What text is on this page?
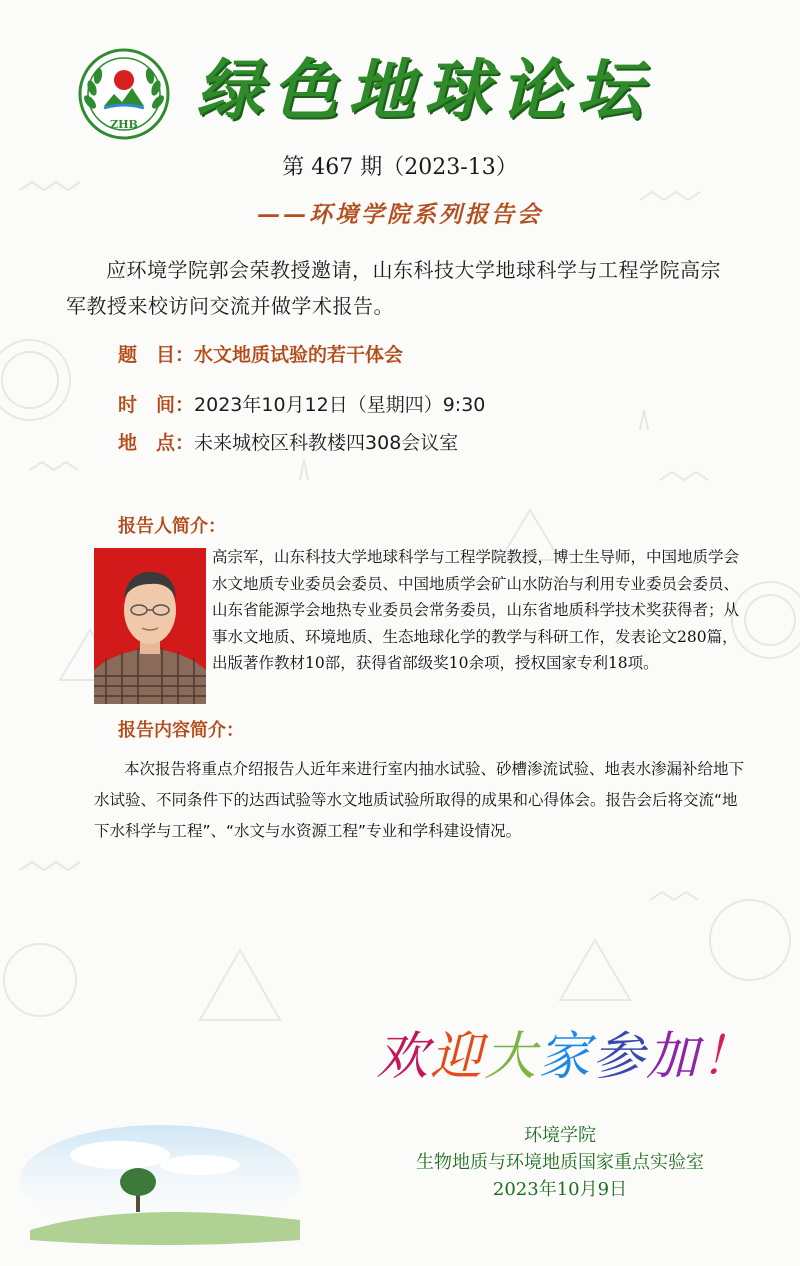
ZHB 绿色地球论坛
第 467 期（2023-13）
——环境学院系列报告会
应环境学院郭会荣教授邀请，山东科技大学地球科学与工程学院高宗军教授来校访问交流并做学术报告。
题　目：水文地质试验的若干体会
时　间：2023年10月12日（星期四）9:30
地　点：未来城校区科教楼四308会议室
报告人简介：
高宗军，山东科技大学地球科学与工程学院教授，博士生导师，中国地质学会水文地质专业委员会委员、中国地质学会矿山水防治与利用专业委员会委员、山东省能源学会地热专业委员会常务委员，山东省地质科学技术奖获得者；从事水文地质、环境地质、生态地球化学的教学与科研工作，发表论文280篇，出版著作教材10部，获得省部级奖10余项，授权国家专利18项。
报告内容简介：
本次报告将重点介绍报告人近年来进行室内抽水试验、砂槽渗流试验、地表水渗漏补给地下水试验、不同条件下的达西试验等水文地质试验所取得的成果和心得体会。报告会后将交流“地下水科学与工程”、“水文与水资源工程”专业和学科建设情况。
欢迎大家参加！
环境学院
生物地质与环境地质国家重点实验室
2023年10月9日
